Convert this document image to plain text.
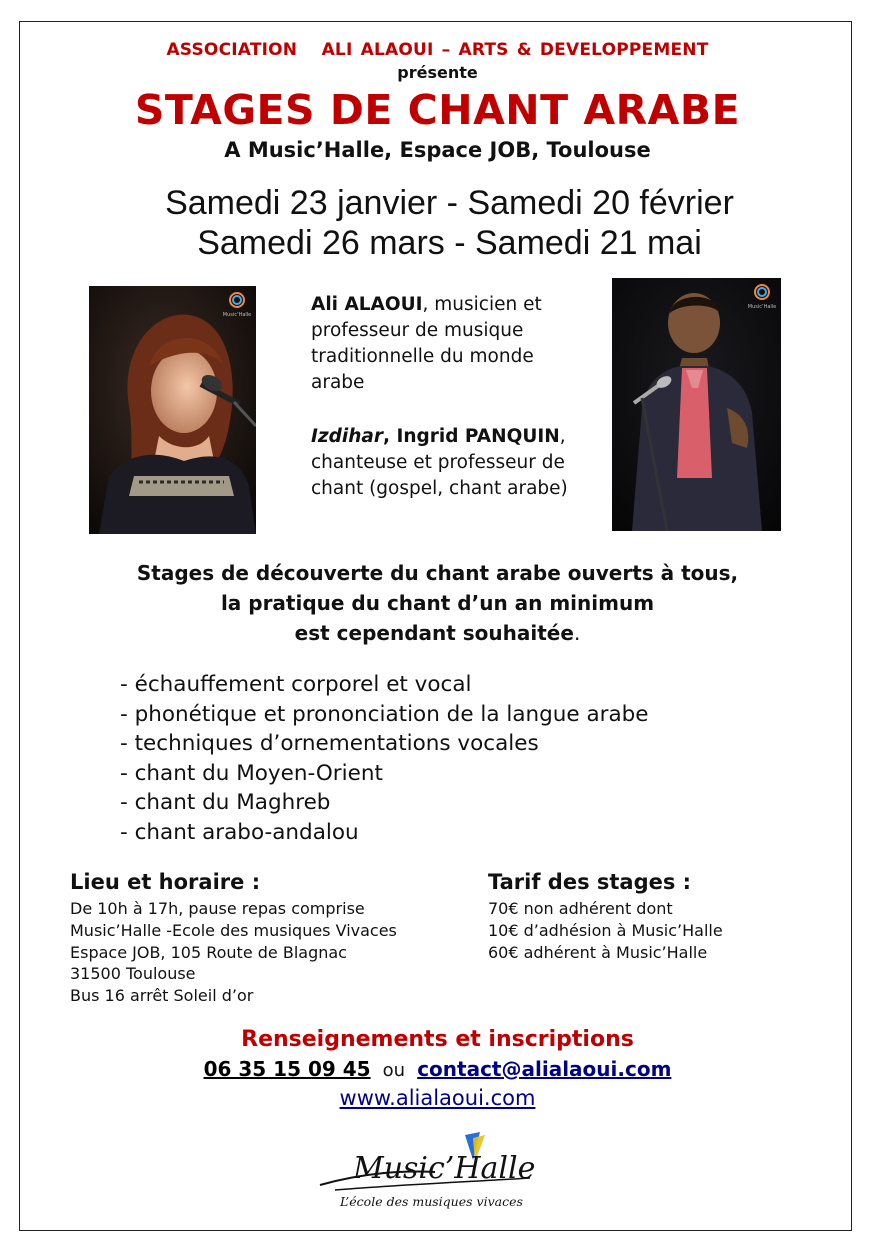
ASSOCIATION   ALI ALAOUI – ARTS & DEVELOPPEMENT
présente
STAGES DE CHANT ARABE
A Music’Halle, Espace JOB, Toulouse
Samedi 23 janvier - Samedi 20 février
Samedi 26 mars - Samedi 21 mai
Music’Halle
Music’Halle

Ali ALAOUI, musicien et professeur de musique traditionnelle du monde arabe

Izdihar, Ingrid PANQUIN, chanteuse et professeur de chant (gospel, chant arabe)

Stages de découverte du chant arabe ouverts à tous,
la pratique du chant d’un an minimum
est cependant souhaitée.
- échauffement corporel et vocal
- phonétique et prononciation de la langue arabe
- techniques d’ornementations vocales
- chant du Moyen-Orient
- chant du Maghreb
- chant arabo-andalou
Lieu et horaire :
De 10h à 17h, pause repas comprise
Music’Halle -Ecole des musiques Vivaces
Espace JOB, 105 Route de Blagnac
31500 Toulouse
Bus 16 arrêt Soleil d’or
Tarif des stages :
70€ non adhérent dont
10€ d’adhésion à Music’Halle
60€ adhérent à Music’Halle
Renseignements et inscriptions
06 35 15 09 45 ou contact@alialaoui.com
www.alialaoui.com
Music’Halle
L’école des musiques vivaces
